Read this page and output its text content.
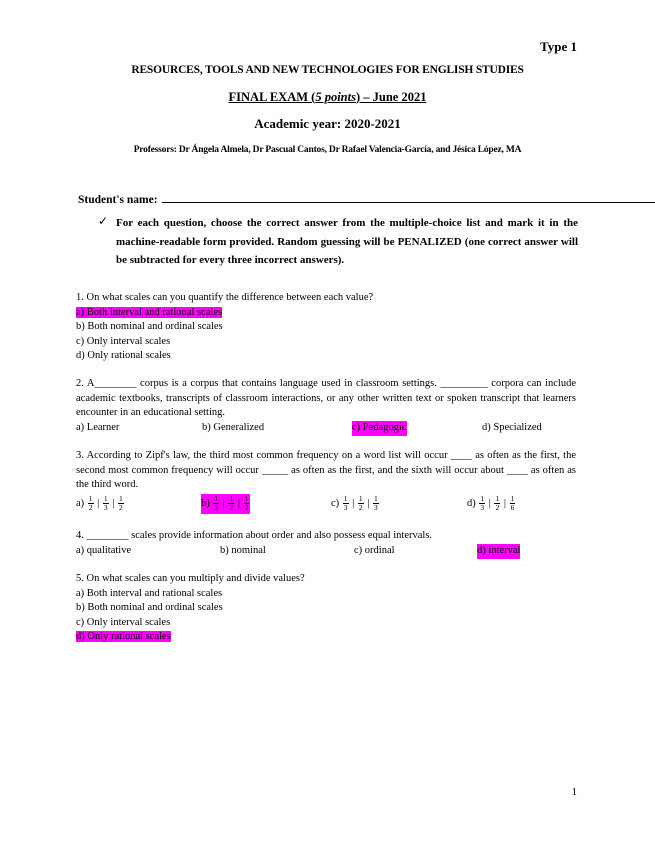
Type 1
RESOURCES, TOOLS AND NEW TECHNOLOGIES FOR ENGLISH STUDIES
FINAL EXAM (5 points) – June 2021
Academic year: 2020-2021
Professors: Dr Ángela Almela, Dr Pascual Cantos, Dr Rafael Valencia-García, and Jésica López, MA
Student's name:
✓ For each question, choose the correct answer from the multiple-choice list and mark it in the machine-readable form provided. Random guessing will be PENALIZED (one correct answer will be subtracted for every three incorrect answers).
1. On what scales can you quantify the difference between each value?
a) Both interval and rational scales
b) Both nominal and ordinal scales
c) Only interval scales
d) Only rational scales
2. A________ corpus is a corpus that contains language used in classroom settings. _________ corpora can include academic textbooks, transcripts of classroom interactions, or any other written text or spoken transcript that learners encounter in an educational setting.
a) Learner	b) Generalized	c) Pedagogic	d) Specialized
3. According to Zipf's law, the third most common frequency on a word list will occur ____ as often as the first, the second most common frequency will occur _____ as often as the first, and the sixth will occur about ____ as often as the third word.
$a) \frac{1}{2}$ | $\frac{1}{3}$ | $\frac{1}{2}$	$b) \frac{1}{3}$ | $\frac{1}{2}$ | $\frac{1}{2}$	$c) \frac{1}{3}$ | $\frac{1}{2}$ | $\frac{1}{3}$	$d) \frac{1}{3}$ | $\frac{1}{2}$ | $\frac{1}{6}$
4. ________ scales provide information about order and also possess equal intervals.
a) qualitative	b) nominal	c) ordinal	d) interval
5. On what scales can you multiply and divide values?
a) Both interval and rational scales
b) Both nominal and ordinal scales
c) Only interval scales
d) Only rational scales
1
